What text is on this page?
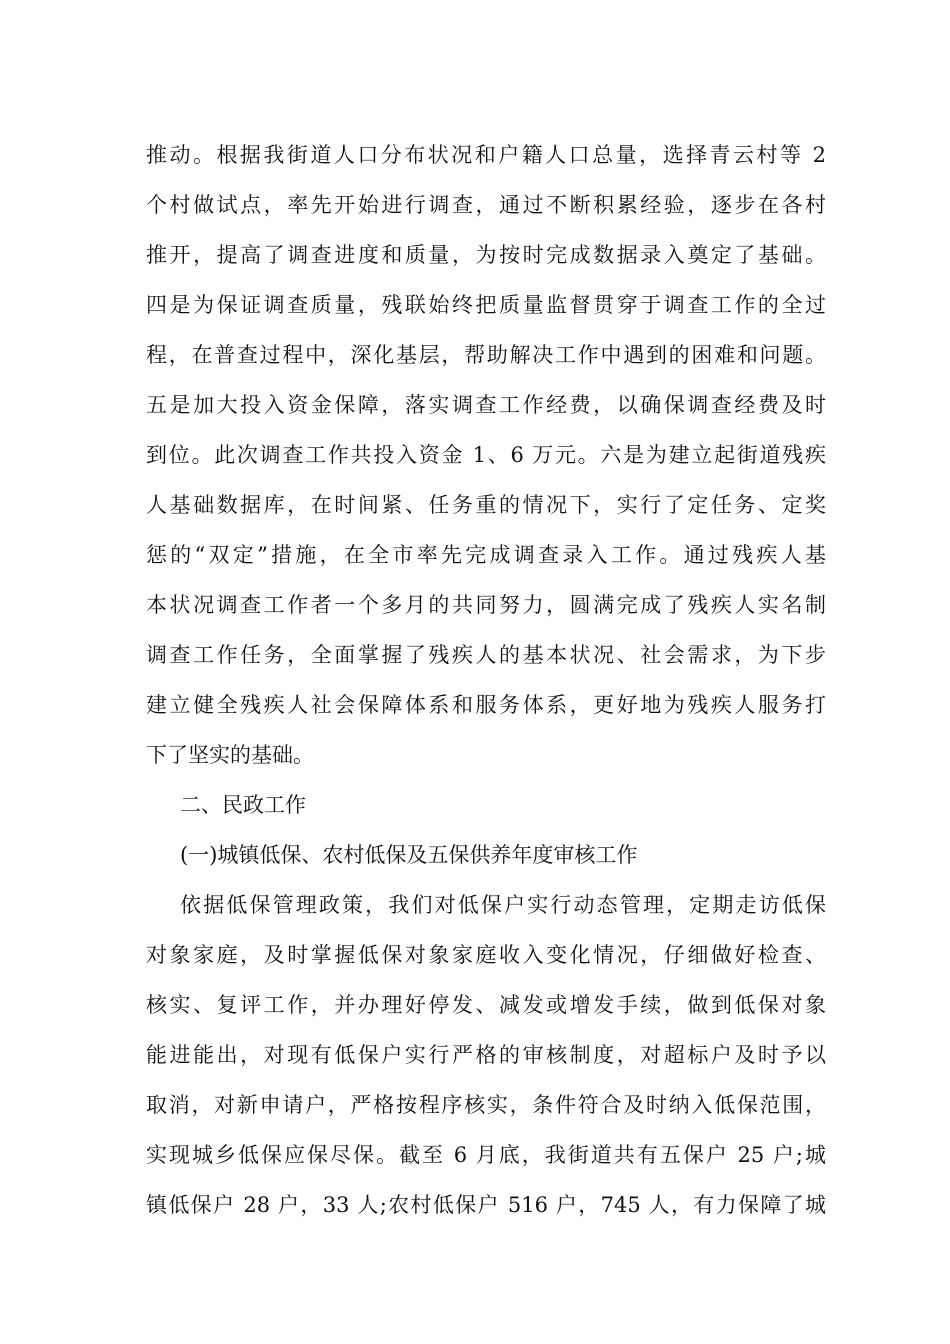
推动。根据我街道人口分布状况和户籍人口总量，选择青云村等 2
个村做试点，率先开始进行调查，通过不断积累经验，逐步在各村
推开，提高了调查进度和质量，为按时完成数据录入奠定了基础。
四是为保证调查质量，残联始终把质量监督贯穿于调查工作的全过
程，在普查过程中，深化基层，帮助解决工作中遇到的困难和问题。
五是加大投入资金保障，落实调查工作经费，以确保调查经费及时
到位。此次调查工作共投入资金 1、6 万元。六是为建立起街道残疾
人基础数据库，在时间紧、任务重的情况下，实行了定任务、定奖
惩的“双定”措施，在全市率先完成调查录入工作。通过残疾人基
本状况调查工作者一个多月的共同努力，圆满完成了残疾人实名制
调查工作任务，全面掌握了残疾人的基本状况、社会需求，为下步
建立健全残疾人社会保障体系和服务体系，更好地为残疾人服务打
下了坚实的基础。
二、民政工作
(一)城镇低保、农村低保及五保供养年度审核工作
依据低保管理政策，我们对低保户实行动态管理，定期走访低保
对象家庭，及时掌握低保对象家庭收入变化情况，仔细做好检查、
核实、复评工作，并办理好停发、减发或增发手续，做到低保对象
能进能出，对现有低保户实行严格的审核制度，对超标户及时予以
取消，对新申请户，严格按程序核实，条件符合及时纳入低保范围，
实现城乡低保应保尽保。截至 6 月底，我街道共有五保户 25 户;城
镇低保户 28 户，33 人;农村低保户 516 户，745 人，有力保障了城
